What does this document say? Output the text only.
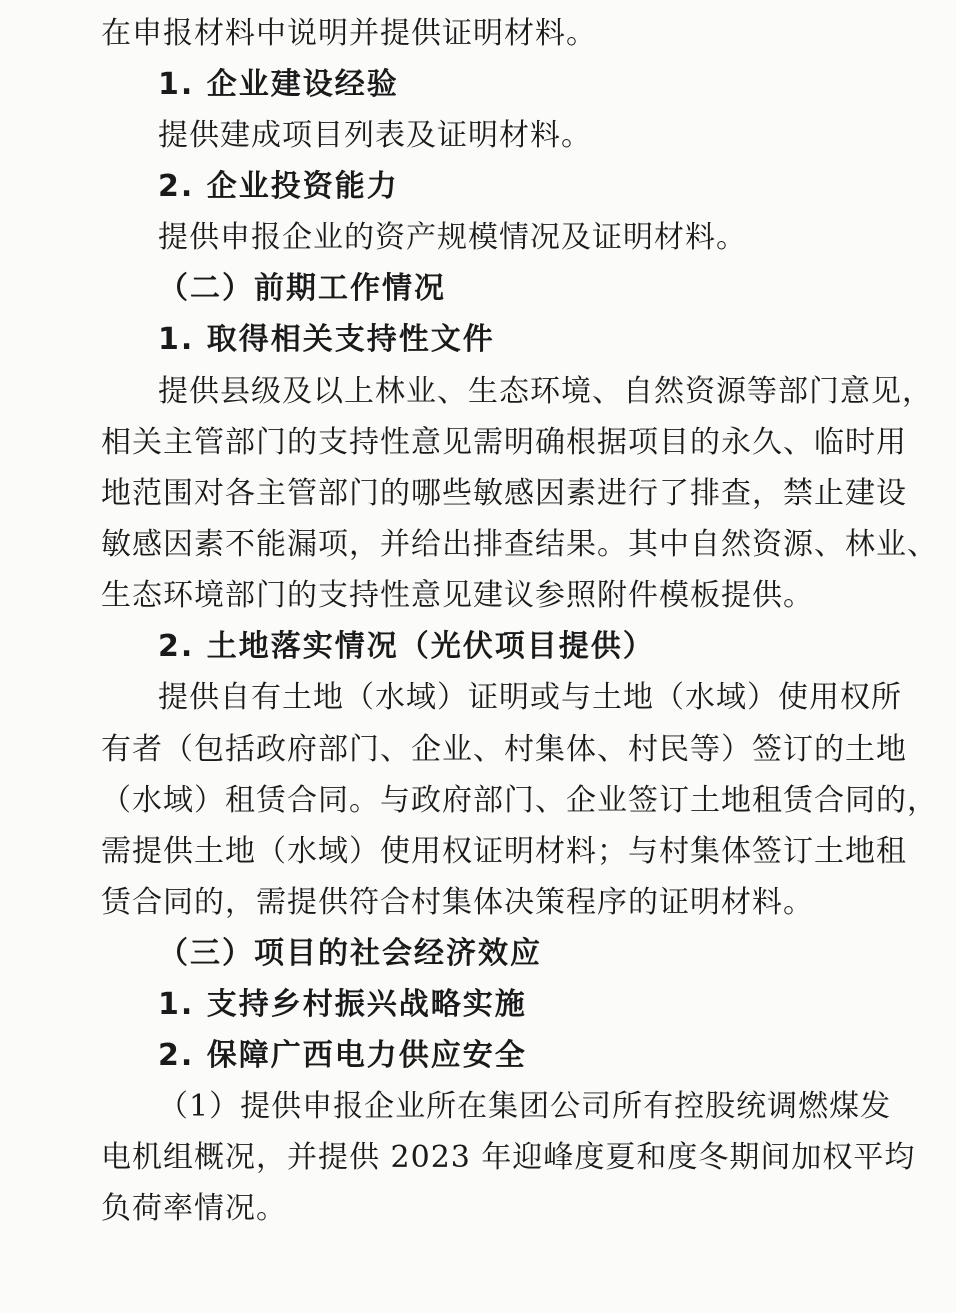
在申报材料中说明并提供证明材料。
1. 企业建设经验
提供建成项目列表及证明材料。
2. 企业投资能力
提供申报企业的资产规模情况及证明材料。
（二）前期工作情况
1. 取得相关支持性文件
提供县级及以上林业、生态环境、自然资源等部门意见，
相关主管部门的支持性意见需明确根据项目的永久、临时用
地范围对各主管部门的哪些敏感因素进行了排查，禁止建设
敏感因素不能漏项，并给出排查结果。其中自然资源、林业、
生态环境部门的支持性意见建议参照附件模板提供。
2. 土地落实情况（光伏项目提供）
提供自有土地（水域）证明或与土地（水域）使用权所
有者（包括政府部门、企业、村集体、村民等）签订的土地
（水域）租赁合同。与政府部门、企业签订土地租赁合同的，
需提供土地（水域）使用权证明材料；与村集体签订土地租
赁合同的，需提供符合村集体决策程序的证明材料。
（三）项目的社会经济效应
1. 支持乡村振兴战略实施
2. 保障广西电力供应安全
（1）提供申报企业所在集团公司所有控股统调燃煤发
电机组概况，并提供 2023 年迎峰度夏和度冬期间加权平均
负荷率情况。
